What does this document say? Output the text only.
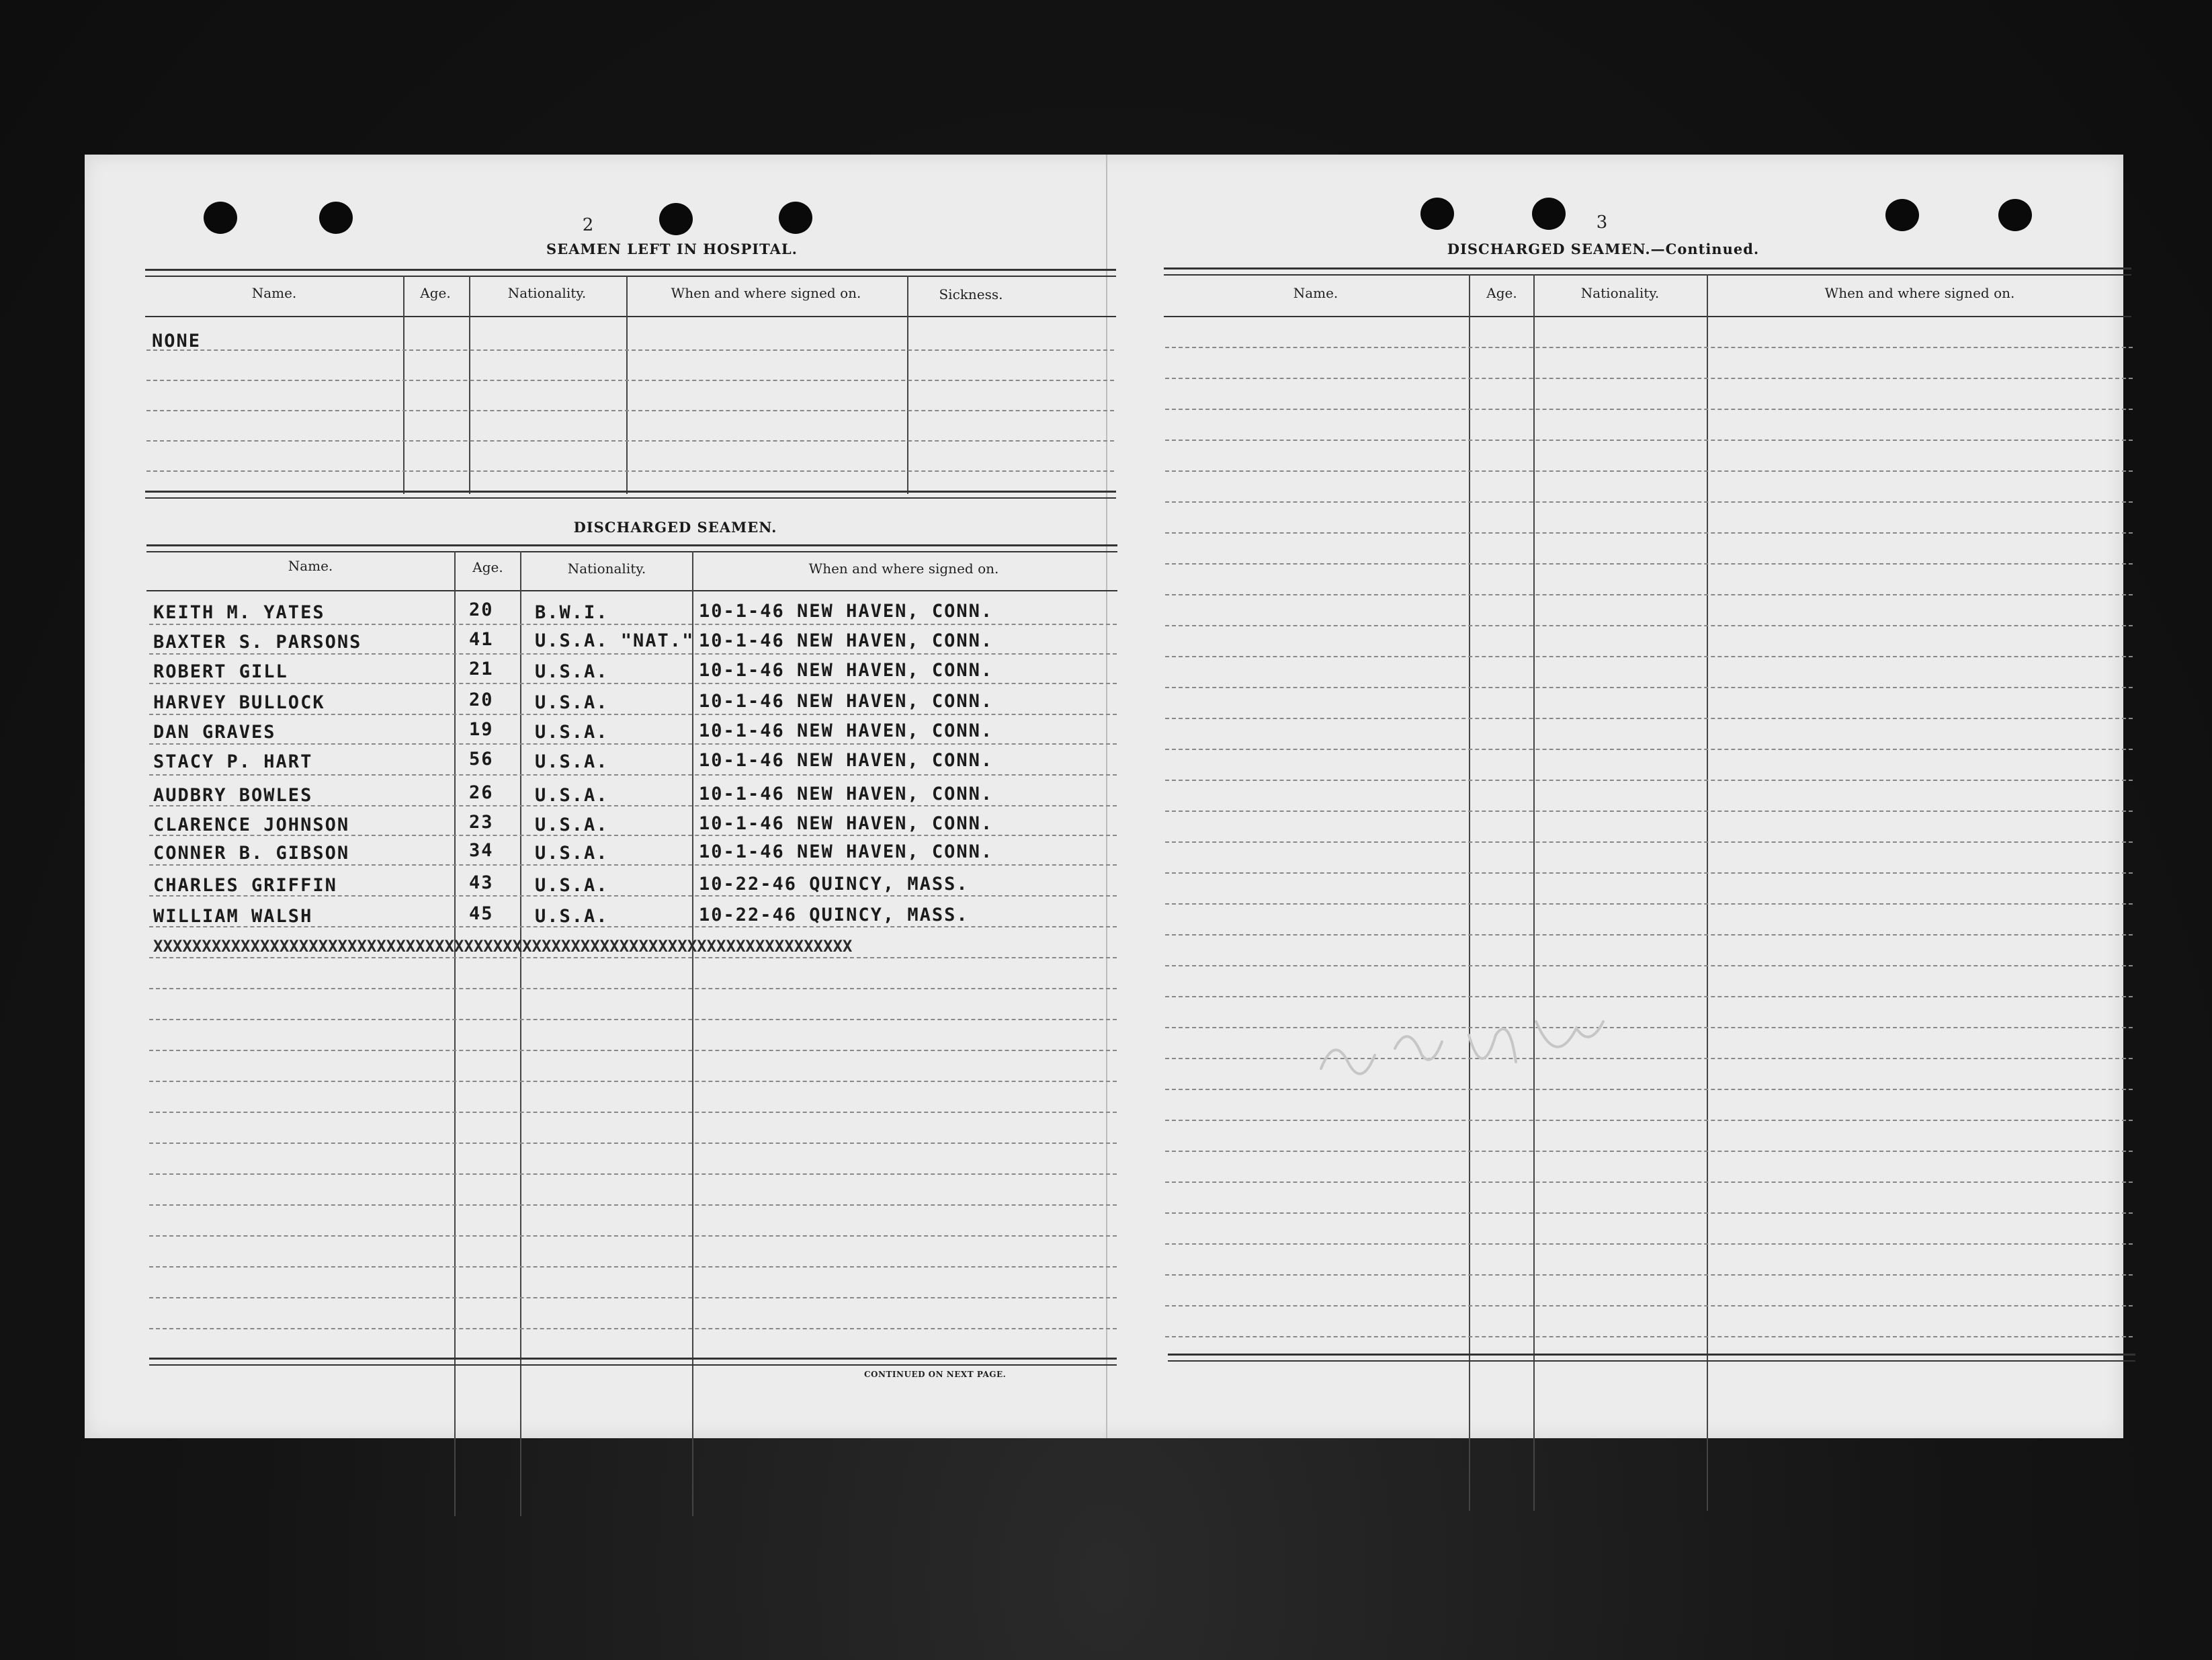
2
SEAMEN LEFT IN HOSPITAL.
Name.	Age.	Nationality.	When and where signed on.	Sickness.
NONE
DISCHARGED SEAMEN.
Name.	Age.	Nationality.	When and where signed on.
KEITH M. YATES	20 B.W.I.	10-1-46 NEW HAVEN, CONN.
BAXTER S. PARSONS	41 U.S.A. "NAT." 10-1-46 NEW HAVEN, CONN.
ROBERT GILL	21 U.S.A.	10-1-46 NEW HAVEN, CONN.
HARVEY BULLOCK	20 U.S.A.	10-1-46 NEW HAVEN, CONN.
DAN GRAVES	19 U.S.A.	10-1-46 NEW HAVEN, CONN.
STACY P. HART	56 U.S.A.	10-1-46 NEW HAVEN, CONN.
AUDBRY BOWLES	26 U.S.A.	10-1-46 NEW HAVEN, CONN.
CLARENCE JOHNSON	23 U.S.A.	10-1-46 NEW HAVEN, CONN.
CONNER B. GIBSON	34 U.S.A.	10-1-46 NEW HAVEN, CONN.
CHARLES GRIFFIN	43 U.S.A.	10-22-46 QUINCY, MASS.
WILLIAM WALSH	45 U.S.A.	10-22-46 QUINCY, MASS.
XXXXXXXXXXXXXXXXXXXXXXXXXXXXXXXXXXXXXXXXXXXXXXXXXXXXXXXXXXXXXXXXXXXXXXXX
CONTINUED ON NEXT PAGE.
3
DISCHARGED SEAMEN.—Continued.
Name.	Age.	Nationality.	When and where signed on.
